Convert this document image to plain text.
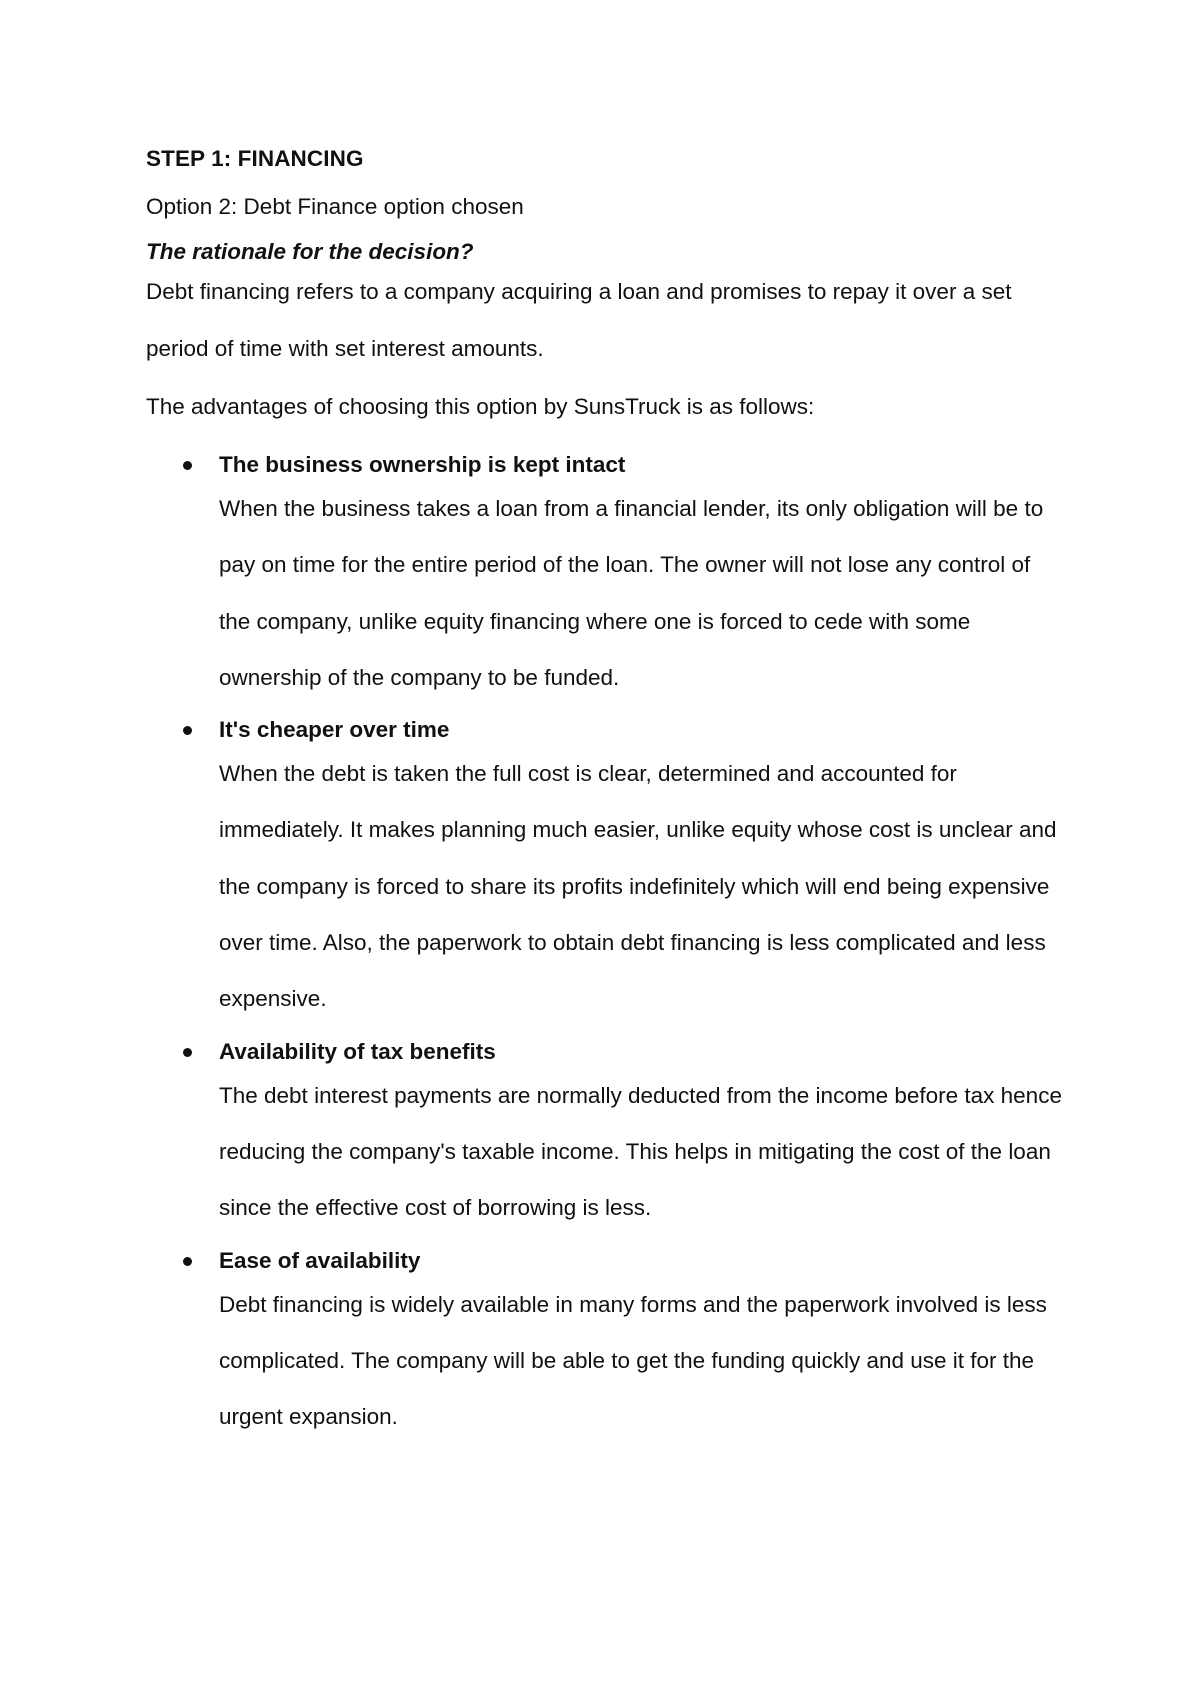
STEP 1: FINANCING
Option 2: Debt Finance option chosen
The rationale for the decision?

Debt financing refers to a company acquiring a loan and promises to repay it over a set period of time with set interest amounts.

The advantages of choosing this option by SunsTruck is as follows:

The business ownership is kept intact
When the business takes a loan from a financial lender, its only obligation will be to pay on time for the entire period of the loan. The owner will not lose any control of the company, unlike equity financing where one is forced to cede with some ownership of the company to be funded.
It's cheaper over time
When the debt is taken the full cost is clear, determined and accounted for immediately. It makes planning much easier, unlike equity whose cost is unclear and the company is forced to share its profits indefinitely which will end being expensive over time. Also, the paperwork to obtain debt financing is less complicated and less expensive.
Availability of tax benefits
The debt interest payments are normally deducted from the income before tax hence reducing the company's taxable income. This helps in mitigating the cost of the loan since the effective cost of borrowing is less.
Ease of availability
Debt financing is widely available in many forms and the paperwork involved is less complicated. The company will be able to get the funding quickly and use it for the urgent expansion.
